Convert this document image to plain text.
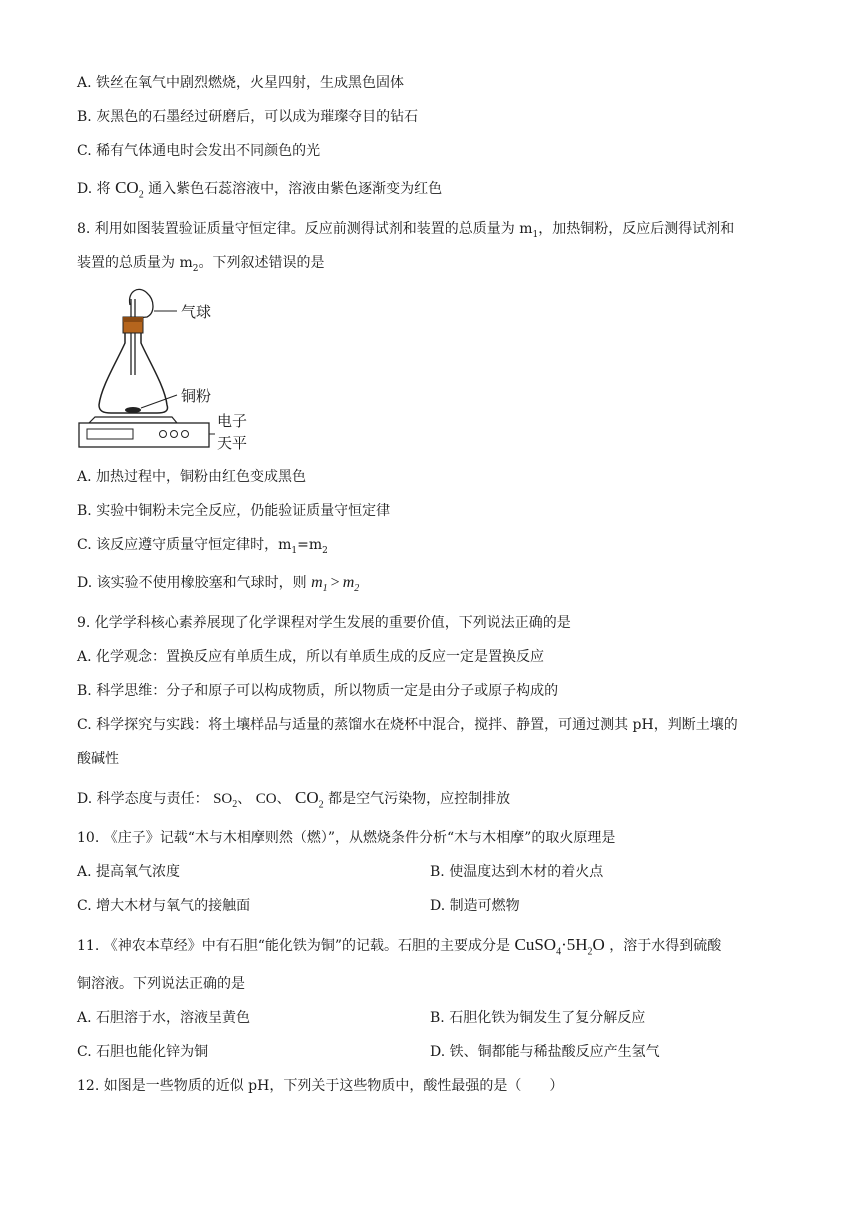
A. 铁丝在氧气中剧烈燃烧，火星四射，生成黑色固体
B. 灰黑色的石墨经过研磨后，可以成为璀璨夺目的钻石
C. 稀有气体通电时会发出不同颜色的光
D. 将 $CO_2$ 通入紫色石蕊溶液中，溶液由紫色逐渐变为红色
8. 利用如图装置验证质量守恒定律。反应前测得试剂和装置的总质量为 $m_1$，加热铜粉，反应后测得试剂和
装置的总质量为 $m_2$。下列叙述错误的是
气球
铜粉
电子
天平
A. 加热过程中，铜粉由红色变成黑色
B. 实验中铜粉未完全反应，仍能验证质量守恒定律
C. 该反应遵守质量守恒定律时，$m_1=m_2$
D. 该实验不使用橡胶塞和气球时，则 $m_1 > m_2$
9. 化学学科核心素养展现了化学课程对学生发展的重要价值，下列说法正确的是
A. 化学观念：置换反应有单质生成，所以有单质生成的反应一定是置换反应
B. 科学思维：分子和原子可以构成物质，所以物质一定是由分子或原子构成的
C. 科学探究与实践：将土壤样品与适量的蒸馏水在烧杯中混合，搅拌、静置，可通过测其 pH，判断土壤的
酸碱性
D. 科学态度与责任： $SO_2$、 CO、 $CO_2$ 都是空气污染物，应控制排放
10. 《庄子》记载“木与木相摩则然（燃）”，从燃烧条件分析“木与木相摩”的取火原理是
A. 提高氧气浓度	B. 使温度达到木材的着火点
C. 增大木材与氧气的接触面	D. 制造可燃物
11. 《神农本草经》中有石胆“能化铁为铜”的记载。石胆的主要成分是 $CuSO_4\cdot 5H_2O$ ，溶于水得到硫酸
铜溶液。下列说法正确的是
A. 石胆溶于水，溶液呈黄色	B. 石胆化铁为铜发生了复分解反应
C. 石胆也能化锌为铜	D. 铁、铜都能与稀盐酸反应产生氢气
12. 如图是一些物质的近似 pH，下列关于这些物质中，酸性最强的是（　　）
